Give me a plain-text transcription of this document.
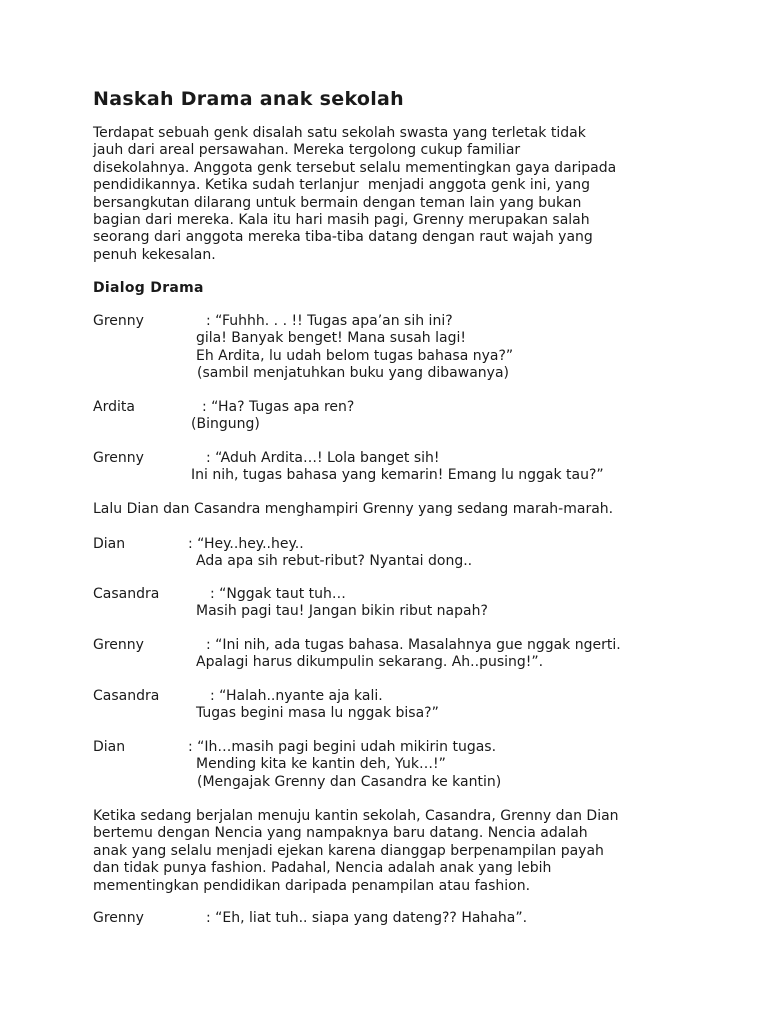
Naskah Drama anak sekolah
Terdapat sebuah genk disalah satu sekolah swasta yang terletak tidak
jauh dari areal persawahan. Mereka tergolong cukup familiar
disekolahnya. Anggota genk tersebut selalu mementingkan gaya daripada
pendidikannya. Ketika sudah terlanjur  menjadi anggota genk ini, yang
bersangkutan dilarang untuk bermain dengan teman lain yang bukan
bagian dari mereka. Kala itu hari masih pagi, Grenny merupakan salah
seorang dari anggota mereka tiba-tiba datang dengan raut wajah yang
penuh kekesalan.
Dialog Drama
Grenny	: “Fuhhh. . . !! Tugas apa’an sih ini?
gila! Banyak benget! Mana susah lagi!
Eh Ardita, lu udah belom tugas bahasa nya?”
(sambil menjatuhkan buku yang dibawanya)
Ardita	: “Ha? Tugas apa ren?
(Bingung)
Grenny	: “Aduh Ardita…! Lola banget sih!
Ini nih, tugas bahasa yang kemarin! Emang lu nggak tau?”
Lalu Dian dan Casandra menghampiri Grenny yang sedang marah-marah.
Dian	: “Hey..hey..hey..
Ada apa sih rebut-ribut? Nyantai dong..
Casandra	: “Nggak taut tuh…
Masih pagi tau! Jangan bikin ribut napah?
Grenny	: “Ini nih, ada tugas bahasa. Masalahnya gue nggak ngerti.
Apalagi harus dikumpulin sekarang. Ah..pusing!”.
Casandra	: “Halah..nyante aja kali.
Tugas begini masa lu nggak bisa?”
Dian	: “Ih…masih pagi begini udah mikirin tugas.
Mending kita ke kantin deh, Yuk…!”
(Mengajak Grenny dan Casandra ke kantin)
Ketika sedang berjalan menuju kantin sekolah, Casandra, Grenny dan Dian
bertemu dengan Nencia yang nampaknya baru datang. Nencia adalah
anak yang selalu menjadi ejekan karena dianggap berpenampilan payah
dan tidak punya fashion. Padahal, Nencia adalah anak yang lebih
mementingkan pendidikan daripada penampilan atau fashion.
Grenny	: “Eh, liat tuh.. siapa yang dateng?? Hahaha”.
